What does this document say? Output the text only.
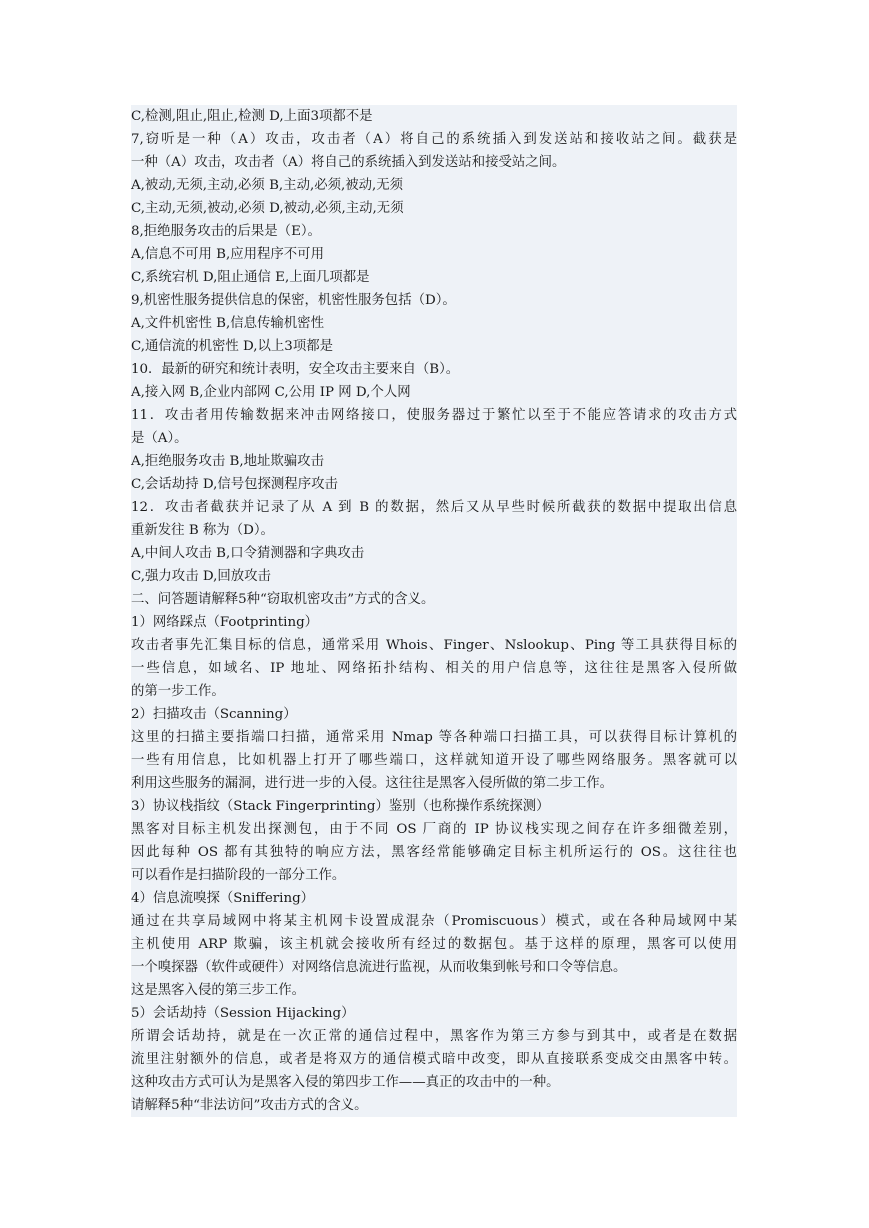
C,检测,阻止,阻止,检测 D,上面3项都不是
7,窃听是一种（A）攻击，攻击者（A）将自己的系统插入到发送站和接收站之间。截获是
一种（A）攻击，攻击者（A）将自己的系统插入到发送站和接受站之间。
A,被动,无须,主动,必须 B,主动,必须,被动,无须
C,主动,无须,被动,必须 D,被动,必须,主动,无须
8,拒绝服务攻击的后果是（E）。
A,信息不可用 B,应用程序不可用
C,系统宕机 D,阻止通信 E,上面几项都是
9,机密性服务提供信息的保密，机密性服务包括（D）。
A,文件机密性 B,信息传输机密性
C,通信流的机密性 D,以上3项都是
10．最新的研究和统计表明，安全攻击主要来自（B）。
A,接入网 B,企业内部网 C,公用 IP 网 D,个人网
11．攻击者用传输数据来冲击网络接口，使服务器过于繁忙以至于不能应答请求的攻击方式
是（A）。
A,拒绝服务攻击 B,地址欺骗攻击
C,会话劫持 D,信号包探测程序攻击
12．攻击者截获并记录了从 A 到 B 的数据，然后又从早些时候所截获的数据中提取出信息
重新发往 B 称为（D）。
A,中间人攻击 B,口令猜测器和字典攻击
C,强力攻击 D,回放攻击
二、问答题请解释5种“窃取机密攻击”方式的含义。
1）网络踩点（Footprinting）
攻击者事先汇集目标的信息，通常采用 Whois、Finger、Nslookup、Ping 等工具获得目标的
一些信息，如域名、IP 地址、网络拓扑结构、相关的用户信息等，这往往是黑客入侵所做
的第一步工作。
2）扫描攻击（Scanning）
这里的扫描主要指端口扫描，通常采用 Nmap 等各种端口扫描工具，可以获得目标计算机的
一些有用信息，比如机器上打开了哪些端口，这样就知道开设了哪些网络服务。黑客就可以
利用这些服务的漏洞，进行进一步的入侵。这往往是黑客入侵所做的第二步工作。
3）协议栈指纹（Stack Fingerprinting）鉴别（也称操作系统探测）
黑客对目标主机发出探测包，由于不同 OS 厂商的 IP 协议栈实现之间存在许多细微差别，
因此每种 OS 都有其独特的响应方法，黑客经常能够确定目标主机所运行的 OS。这往往也
可以看作是扫描阶段的一部分工作。
4）信息流嗅探（Sniffering）
通过在共享局域网中将某主机网卡设置成混杂（Promiscuous）模式，或在各种局域网中某
主机使用 ARP 欺骗，该主机就会接收所有经过的数据包。基于这样的原理，黑客可以使用
一个嗅探器（软件或硬件）对网络信息流进行监视，从而收集到帐号和口令等信息。
这是黑客入侵的第三步工作。
5）会话劫持（Session Hijacking）
所谓会话劫持，就是在一次正常的通信过程中，黑客作为第三方参与到其中，或者是在数据
流里注射额外的信息，或者是将双方的通信模式暗中改变，即从直接联系变成交由黑客中转。
这种攻击方式可认为是黑客入侵的第四步工作——真正的攻击中的一种。
请解释5种“非法访问”攻击方式的含义。
